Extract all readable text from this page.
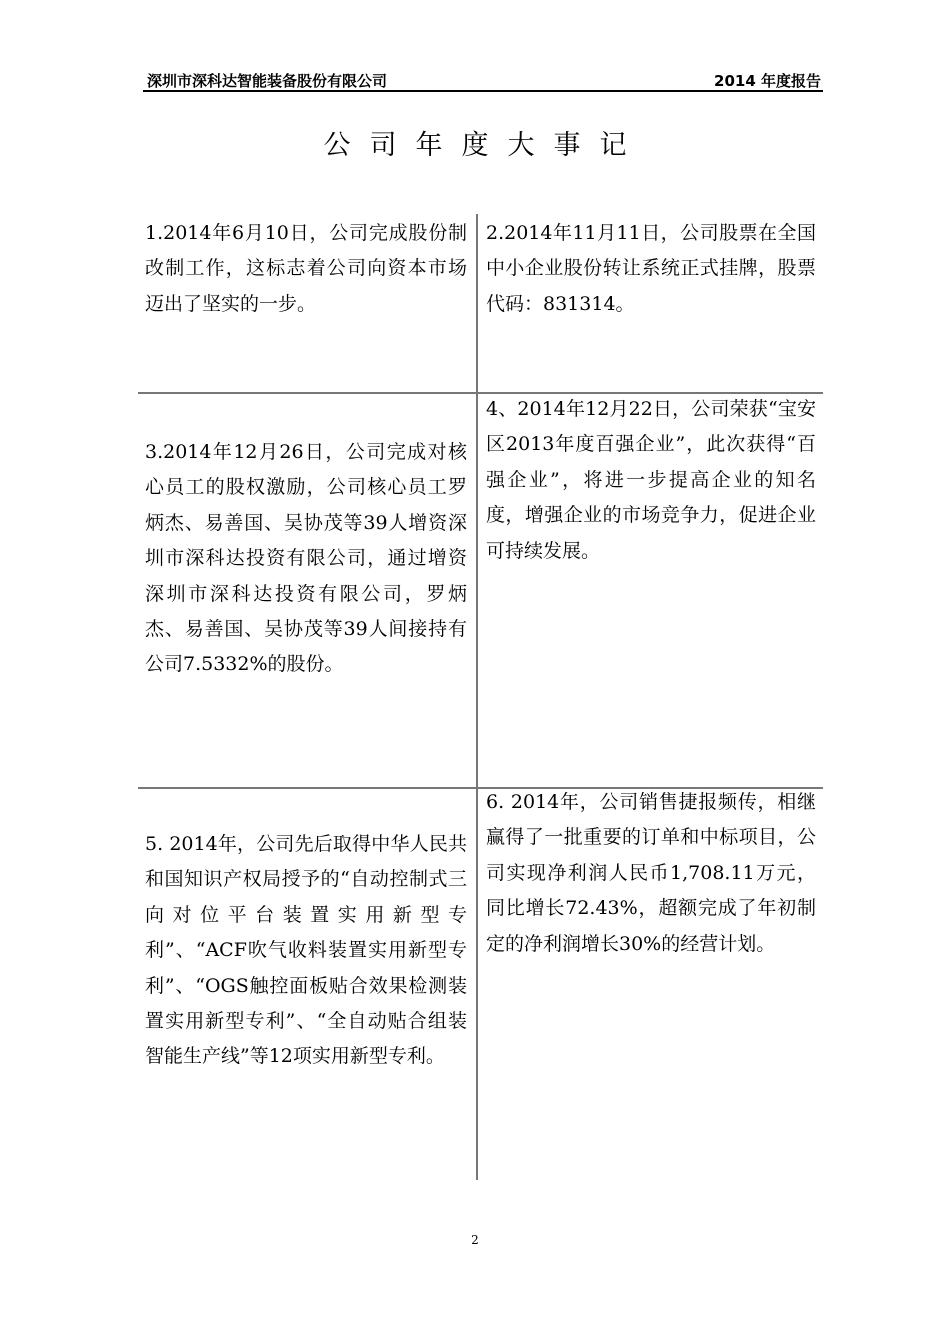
深圳市深科达智能装备股份有限公司	2014 年度报告
公司年度大事记

1.2014年6月10日，公司完成股份制改制工作，这标志着公司向资本市场迈出了坚实的一步。

2.2014年11月11日，公司股票在全国中小企业股份转让系统正式挂牌，股票代码：831314。

3.2014年12月26日，公司完成对核心员工的股权激励，公司核心员工罗炳杰、易善国、吴协茂等39人增资深圳市深科达投资有限公司，通过增资深圳市深科达投资有限公司，罗炳杰、易善国、吴协茂等39人间接持有公司7.5332%的股份。

4、2014年12月22日，公司荣获“宝安区2013年度百强企业”，此次获得“百强企业”，将进一步提高企业的知名度，增强企业的市场竞争力，促进企业可持续发展。

5. 2014年，公司先后取得中华人民共和国知识产权局授予的“自动控制式三向对位平台装置实用新型专利”、“ACF吹气收料装置实用新型专利”、“OGS触控面板贴合效果检测装置实用新型专利”、“全自动贴合组装智能生产线”等12项实用新型专利。

6. 2014年，公司销售捷报频传，相继赢得了一批重要的订单和中标项目，公司实现净利润人民币1,708.11万元，同比增长72.43%，超额完成了年初制定的净利润增长30%的经营计划。

2
